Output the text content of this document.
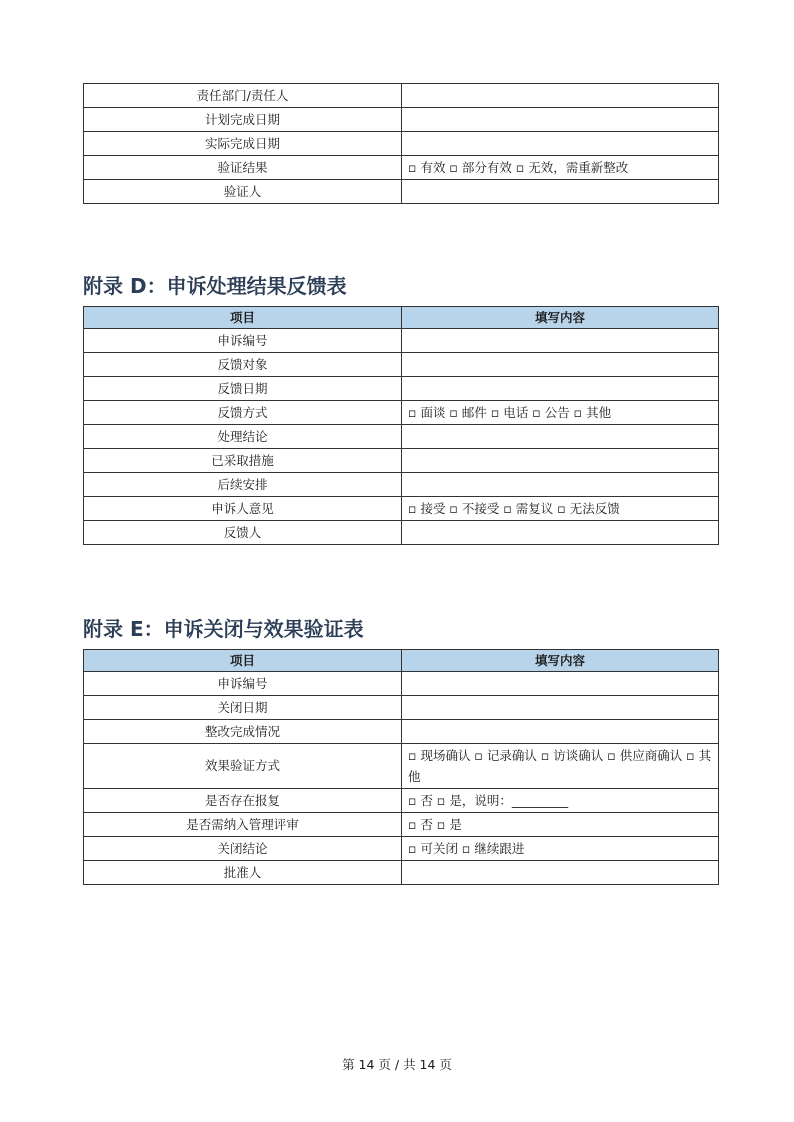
责任部门/责任人	
计划完成日期	
实际完成日期	
验证结果	▫ 有效 ▫ 部分有效 ▫ 无效，需重新整改
验证人	
附录 D：申诉处理结果反馈表
项目	填写内容
申诉编号	
反馈对象	
反馈日期	
反馈方式	▫ 面谈 ▫ 邮件 ▫ 电话 ▫ 公告 ▫ 其他
处理结论	
已采取措施	
后续安排	
申诉人意见	▫ 接受 ▫ 不接受 ▫ 需复议 ▫ 无法反馈
反馈人	
附录 E：申诉关闭与效果验证表
项目	填写内容
申诉编号	
关闭日期	
整改完成情况	
效果验证方式	▫ 现场确认 ▫ 记录确认 ▫ 访谈确认 ▫ 供应商确认 ▫ 其他
是否存在报复	▫ 否 ▫ 是，说明：_________
是否需纳入管理评审	▫ 否 ▫ 是
关闭结论	▫ 可关闭 ▫ 继续跟进
批准人	
第 14 页 / 共 14 页
